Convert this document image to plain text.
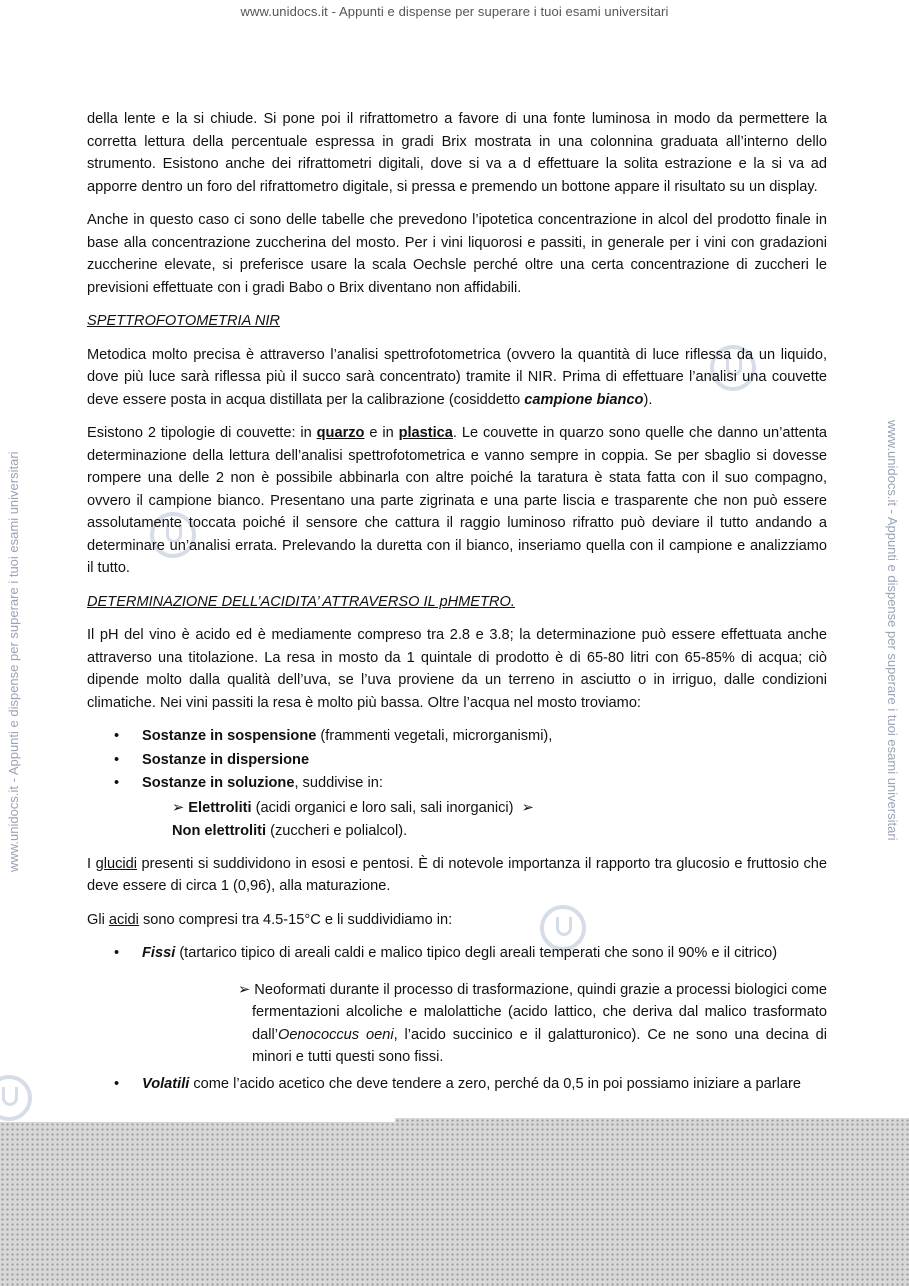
www.unidocs.it - Appunti e dispense per superare i tuoi esami universitari
www.unidocs.it - Appunti e dispense per superare i tuoi esami universitari	www.unidocs.it - Appunti e dispense per superare i tuoi esami universitari

della lente e la si chiude. Si pone poi il rifrattometro a favore di una fonte luminosa in modo da permettere la corretta lettura della percentuale espressa in gradi Brix mostrata in una colonnina graduata all’interno dello strumento. Esistono anche dei rifrattometri digitali, dove si va a d effettuare la solita estrazione e la si va ad apporre dentro un foro del rifrattometro digitale, si pressa e premendo un bottone appare il risultato su un display.

Anche in questo caso ci sono delle tabelle che prevedono l’ipotetica concentrazione in alcol del prodotto finale in base alla concentrazione zuccherina del mosto. Per i vini liquorosi e passiti, in generale per i vini con gradazioni zuccherine elevate, si preferisce usare la scala Oechsle perché oltre una certa concentrazione di zuccheri le previsioni effettuate con i gradi Babo o Brix diventano non affidabili.

SPETTROFOTOMETRIA NIR

Metodica molto precisa è attraverso l’analisi spettrofotometrica (ovvero la quantità di luce riflessa da un liquido, dove più luce sarà riflessa più il succo sarà concentrato) tramite il NIR. Prima di effettuare l’analisi una couvette deve essere posta in acqua distillata per la calibrazione (cosiddetto campione bianco).

Esistono 2 tipologie di couvette: in quarzo e in plastica. Le couvette in quarzo sono quelle che danno un’attenta determinazione della lettura dell’analisi spettrofotometrica e vanno sempre in coppia. Se per sbaglio si dovesse rompere una delle 2 non è possibile abbinarla con altre poiché la taratura è stata fatta con il suo compagno, ovvero il campione bianco. Presentano una parte zigrinata e una parte liscia e trasparente che non può essere assolutamente toccata poiché il sensore che cattura il raggio luminoso rifratto può deviare il tutto andando a determinare un’analisi errata. Prelevando la duretta con il bianco, inseriamo quella con il campione e analizziamo il tutto.

DETERMINAZIONE DELL’ACIDITA’ ATTRAVERSO IL pHMETRO.

Il pH del vino è acido ed è mediamente compreso tra 2.8 e 3.8; la determinazione può essere effettuata anche attraverso una titolazione. La resa in mosto da 1 quintale di prodotto è di 65-80 litri con 65-85% di acqua; ciò dipende molto dalla qualità dell’uva, se l’uva proviene da un terreno in asciutto o in irriguo, dalle condizioni climatiche. Nei vini passiti la resa è molto più bassa. Oltre l’acqua nel mosto troviamo:

• Sostanze in sospensione (frammenti vegetali, microrganismi),
• Sostanze in dispersione
• Sostanze in soluzione, suddivise in:
➢ Elettroliti (acidi organici e loro sali, sali inorganici) ➢
Non elettroliti (zuccheri e polialcol).

I glucidi presenti si suddividono in esosi e pentosi. È di notevole importanza il rapporto tra glucosio e fruttosio che deve essere di circa 1 (0,96), alla maturazione.

Gli acidi sono compresi tra 4.5-15°C e li suddividiamo in:

• Fissi (tartarico tipico di areali caldi e malico tipico degli areali temperati che sono il 90% e il citrico)
➢ Neoformati durante il processo di trasformazione, quindi grazie a processi biologici come fermentazioni alcoliche e malolattiche (acido lattico, che deriva dal malico trasformato dall’Oenococcus oeni, l’acido succinico e il galatturonico). Ce ne sono una decina di minori e tutti questi sono fissi.
• Volatili come l’acido acetico che deve tendere a zero, perché da 0,5 in poi possiamo iniziare a parlare
